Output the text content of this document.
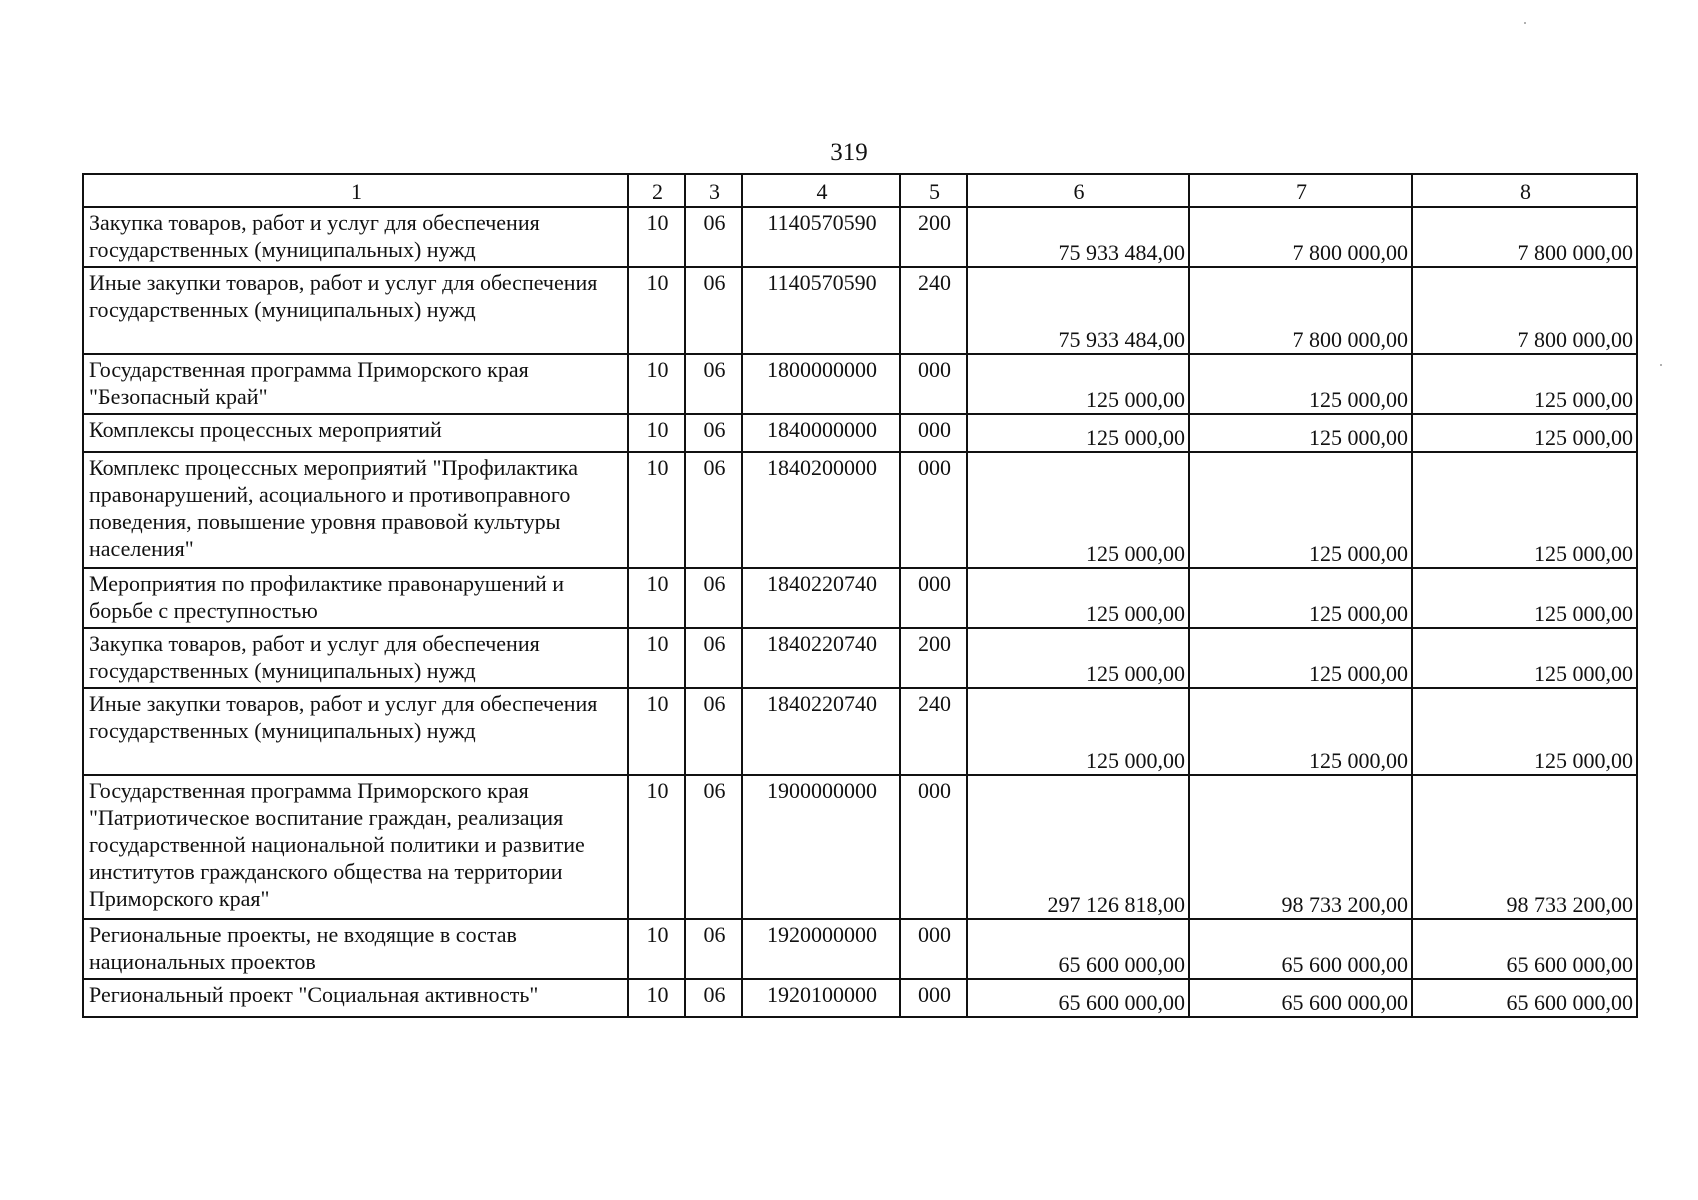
319
1	2	3	4	5	6	7	8
Закупка товаров, работ и услуг для обеспечения государственных (муниципальных) нужд	10	06	1140570590	200	75 933 484,00	7 800 000,00	7 800 000,00
Иные закупки товаров, работ и услуг для обеспечения государственных (муниципальных) нужд	10	06	1140570590	240	75 933 484,00	7 800 000,00	7 800 000,00
Государственная программа Приморского края "Безопасный край"	10	06	1800000000	000	125 000,00	125 000,00	125 000,00
Комплексы процессных мероприятий	10	06	1840000000	000	125 000,00	125 000,00	125 000,00
Комплекс процессных мероприятий "Профилактика правонарушений, асоциального и противоправного поведения, повышение уровня правовой культуры населения"	10	06	1840200000	000	125 000,00	125 000,00	125 000,00
Мероприятия по профилактике правонарушений и борьбе с преступностью	10	06	1840220740	000	125 000,00	125 000,00	125 000,00
Закупка товаров, работ и услуг для обеспечения государственных (муниципальных) нужд	10	06	1840220740	200	125 000,00	125 000,00	125 000,00
Иные закупки товаров, работ и услуг для обеспечения государственных (муниципальных) нужд	10	06	1840220740	240	125 000,00	125 000,00	125 000,00
Государственная программа Приморского края "Патриотическое воспитание граждан, реализация государственной национальной политики и развитие институтов гражданского общества на территории Приморского края"	10	06	1900000000	000	297 126 818,00	98 733 200,00	98 733 200,00
Региональные проекты, не входящие в состав национальных проектов	10	06	1920000000	000	65 600 000,00	65 600 000,00	65 600 000,00
Региональный проект "Социальная активность"	10	06	1920100000	000	65 600 000,00	65 600 000,00	65 600 000,00
